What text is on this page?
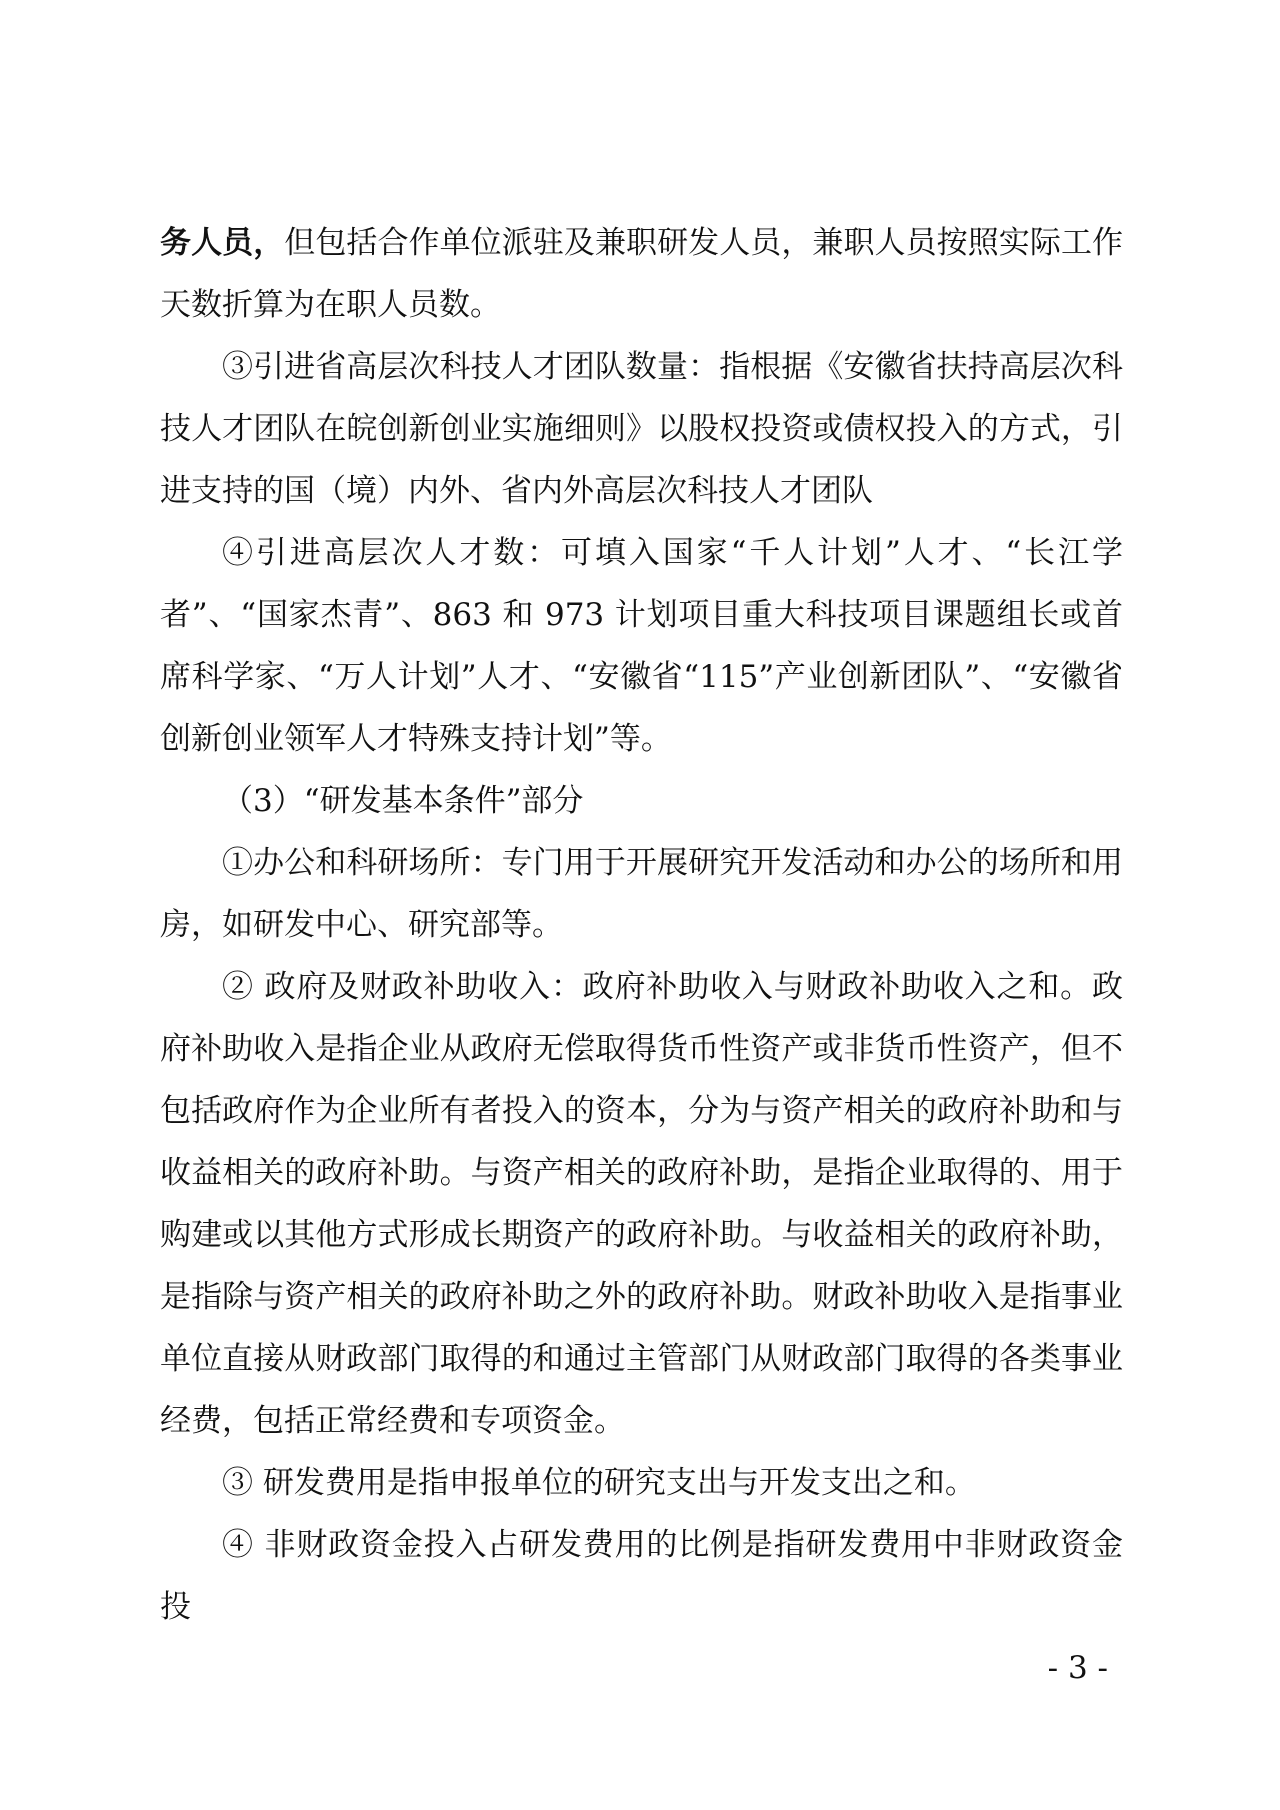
务人员，但包括合作单位派驻及兼职研发人员，兼职人员按照实际工作天数折算为在职人员数。

③引进省高层次科技人才团队数量：指根据《安徽省扶持高层次科技人才团队在皖创新创业实施细则》以股权投资或债权投入的方式，引进支持的国（境）内外、省内外高层次科技人才团队

④引进高层次人才数：可填入国家“千人计划”人才、“长江学者”、“国家杰青”、863 和 973 计划项目重大科技项目课题组长或首席科学家、“万人计划”人才、“安徽省“115”产业创新团队”、“安徽省创新创业领军人才特殊支持计划”等。

（3）“研发基本条件”部分

①办公和科研场所：专门用于开展研究开发活动和办公的场所和用房，如研发中心、研究部等。

② 政府及财政补助收入：政府补助收入与财政补助收入之和。政府补助收入是指企业从政府无偿取得货币性资产或非货币性资产，但不包括政府作为企业所有者投入的资本，分为与资产相关的政府补助和与收益相关的政府补助。与资产相关的政府补助，是指企业取得的、用于购建或以其他方式形成长期资产的政府补助。与收益相关的政府补助，是指除与资产相关的政府补助之外的政府补助。财政补助收入是指事业单位直接从财政部门取得的和通过主管部门从财政部门取得的各类事业经费，包括正常经费和专项资金。

③ 研发费用是指申报单位的研究支出与开发支出之和。

④ 非财政资金投入占研发费用的比例是指研发费用中非财政资金投

- 3 -
